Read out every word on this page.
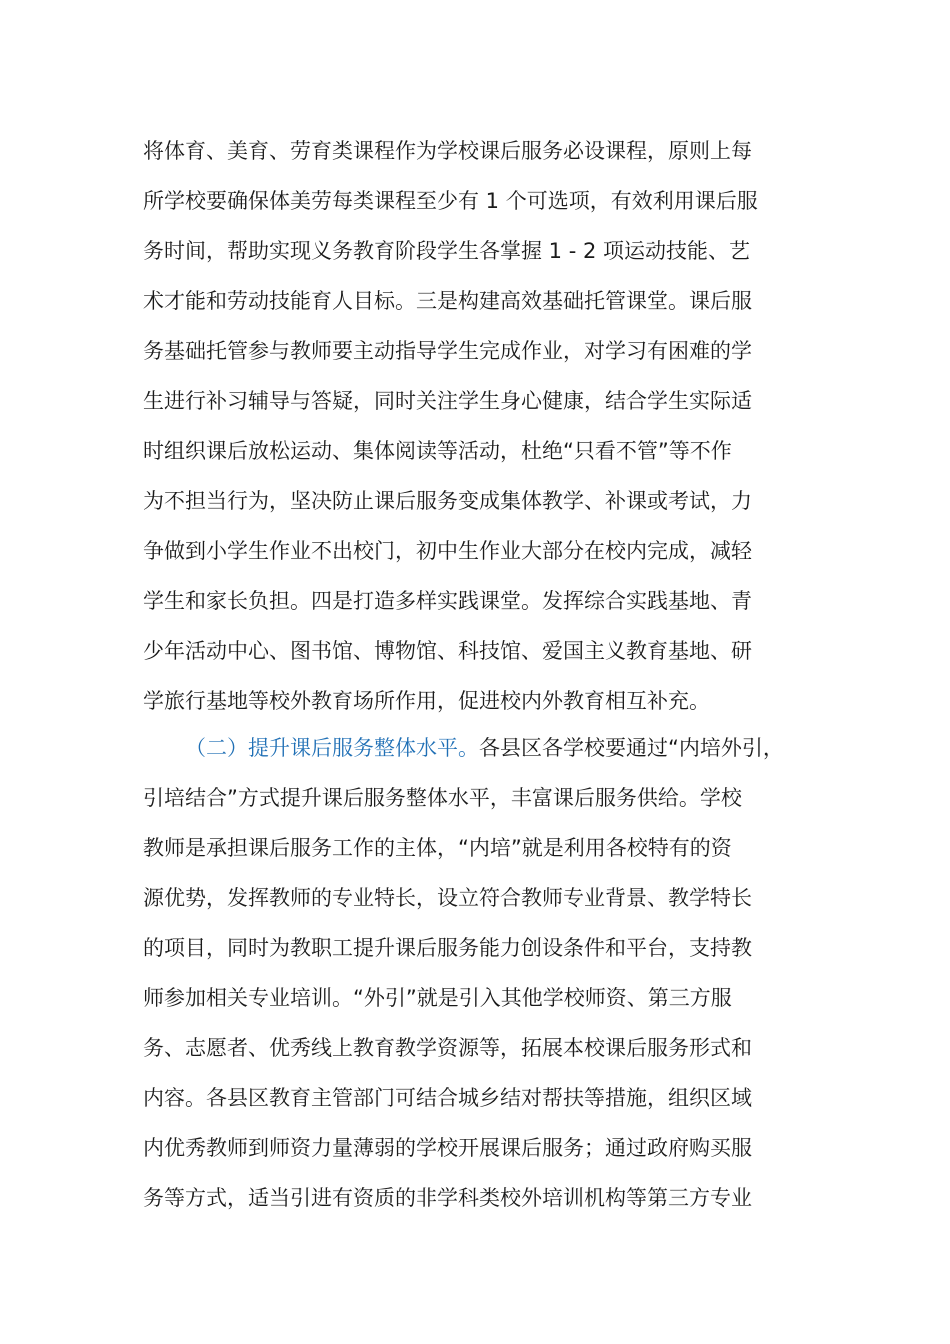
将体育、美育、劳育类课程作为学校课后服务必设课程，原则上每
所学校要确保体美劳每类课程至少有 1 个可选项，有效利用课后服
务时间，帮助实现义务教育阶段学生各掌握 1 - 2 项运动技能、艺
术才能和劳动技能育人目标。三是构建高效基础托管课堂。课后服
务基础托管参与教师要主动指导学生完成作业，对学习有困难的学
生进行补习辅导与答疑，同时关注学生身心健康，结合学生实际适
时组织课后放松运动、集体阅读等活动，杜绝“只看不管”等不作
为不担当行为，坚决防止课后服务变成集体教学、补课或考试，力
争做到小学生作业不出校门，初中生作业大部分在校内完成，减轻
学生和家长负担。四是打造多样实践课堂。发挥综合实践基地、青
少年活动中心、图书馆、博物馆、科技馆、爱国主义教育基地、研
学旅行基地等校外教育场所作用，促进校内外教育相互补充。
（二）提升课后服务整体水平。各县区各学校要通过“内培外引，
引培结合”方式提升课后服务整体水平，丰富课后服务供给。学校
教师是承担课后服务工作的主体，“内培”就是利用各校特有的资
源优势，发挥教师的专业特长，设立符合教师专业背景、教学特长
的项目，同时为教职工提升课后服务能力创设条件和平台，支持教
师参加相关专业培训。“外引”就是引入其他学校师资、第三方服
务、志愿者、优秀线上教育教学资源等，拓展本校课后服务形式和
内容。各县区教育主管部门可结合城乡结对帮扶等措施，组织区域
内优秀教师到师资力量薄弱的学校开展课后服务；通过政府购买服
务等方式，适当引进有资质的非学科类校外培训机构等第三方专业
